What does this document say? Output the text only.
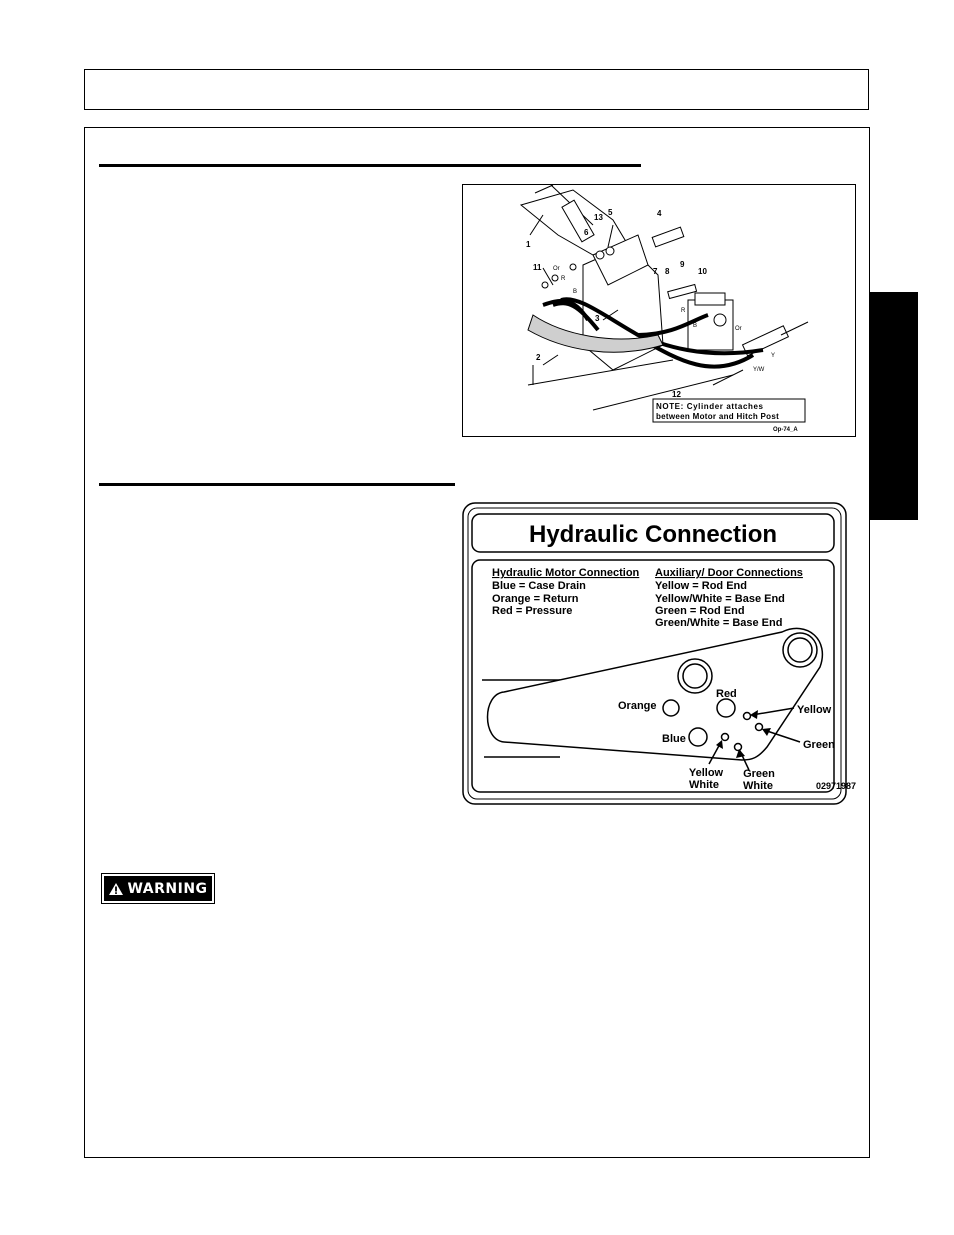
1
2
3
4
5
6
7 8
9
10
11
12
13
Or
R
B
R
B	Or
Y/W
Y
NOTE: Cylinder attaches
between Motor and Hitch Post
Op-74_A
Hydraulic Connection
Hydraulic Motor Connection
Blue = Case Drain
Orange = Return
Red = Pressure
Auxiliary/ Door Connections
Yellow = Rod End
Yellow/White = Base End
Green = Rod End
Green/White = Base End
Orange
Red
Blue
Yellow
Green
Yellow
White
Green
White	02971987
WARNING
